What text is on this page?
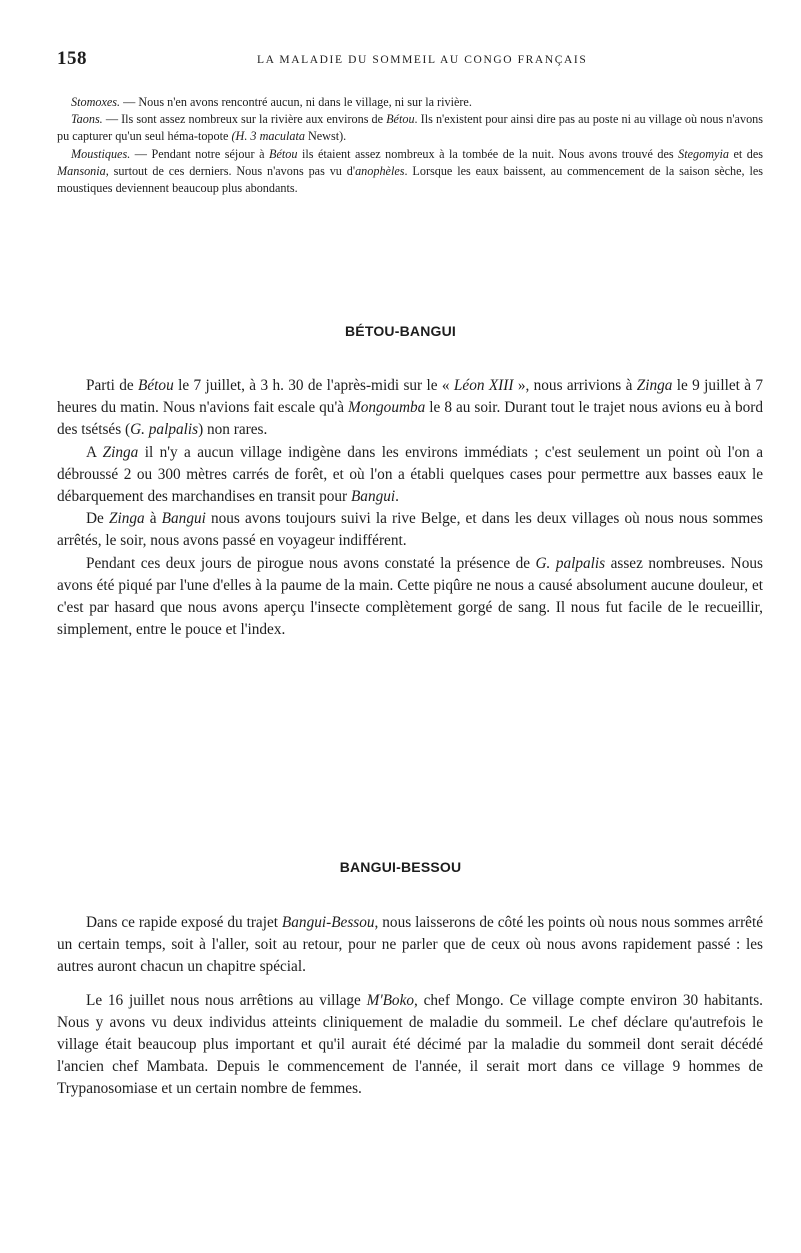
158	LA MALADIE DU SOMMEIL AU CONGO FRANÇAIS

Stomoxes. — Nous n'en avons rencontré aucun, ni dans le village, ni sur la rivière.

Taons. — Ils sont assez nombreux sur la rivière aux environs de Bétou. Ils n'existent pour ainsi dire pas au poste ni au village où nous n'avons pu capturer qu'un seul héma-topote (H. 3 maculata Newst).

Moustiques. — Pendant notre séjour à Bétou ils étaient assez nombreux à la tombée de la nuit. Nous avons trouvé des Stegomyia et des Mansonia, surtout de ces derniers. Nous n'avons pas vu d'anophèles. Lorsque les eaux baissent, au commencement de la saison sèche, les moustiques deviennent beaucoup plus abondants.

BÉTOU-BANGUI

Parti de Bétou le 7 juillet, à 3 h. 30 de l'après-midi sur le « Léon XIII », nous arrivions à Zinga le 9 juillet à 7 heures du matin. Nous n'avions fait escale qu'à Mongoumba le 8 au soir. Durant tout le trajet nous avions eu à bord des tsétsés (G. palpalis) non rares.

A Zinga il n'y a aucun village indigène dans les environs immédiats ; c'est seulement un point où l'on a débroussé 2 ou 300 mètres carrés de forêt, et où l'on a établi quelques cases pour permettre aux basses eaux le débarquement des marchandises en transit pour Bangui.

De Zinga à Bangui nous avons toujours suivi la rive Belge, et dans les deux villages où nous nous sommes arrêtés, le soir, nous avons passé en voyageur indifférent.

Pendant ces deux jours de pirogue nous avons constaté la présence de G. palpalis assez nombreuses. Nous avons été piqué par l'une d'elles à la paume de la main. Cette piqûre ne nous a causé absolument aucune douleur, et c'est par hasard que nous avons aperçu l'insecte complètement gorgé de sang. Il nous fut facile de le recueillir, simplement, entre le pouce et l'index.

BANGUI-BESSOU

Dans ce rapide exposé du trajet Bangui-Bessou, nous laisserons de côté les points où nous nous sommes arrêté un certain temps, soit à l'aller, soit au retour, pour ne parler que de ceux où nous avons rapidement passé : les autres auront chacun un chapitre spécial.

Le 16 juillet nous nous arrêtions au village M'Boko, chef Mongo. Ce village compte environ 30 habitants. Nous y avons vu deux individus atteints cliniquement de maladie du sommeil. Le chef déclare qu'autrefois le village était beaucoup plus important et qu'il aurait été décimé par la maladie du sommeil dont serait décédé l'ancien chef Mambata. Depuis le commencement de l'année, il serait mort dans ce village 9 hommes de Trypanosomiase et un certain nombre de femmes.
